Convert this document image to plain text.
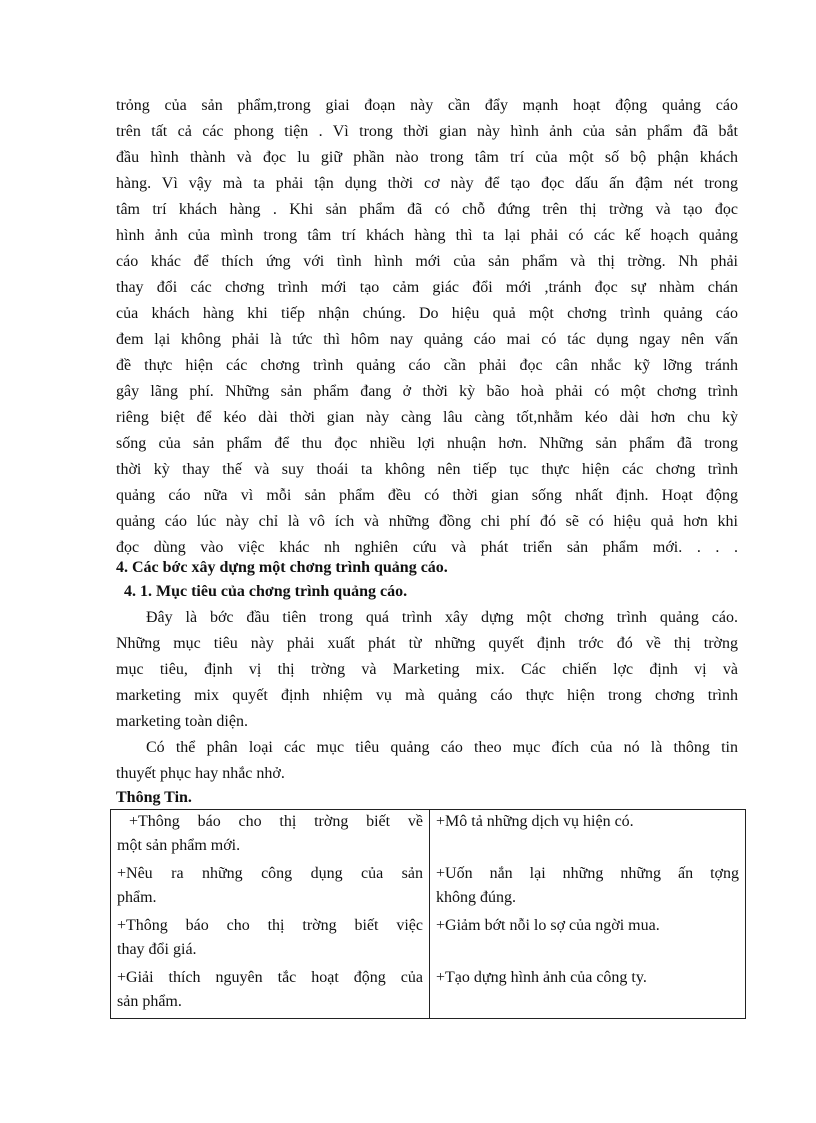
trỏng của sản phẩm,trong giai đoạn này cần đẩy mạnh hoạt động quảng cáo
trên tất cả các phong tiện . Vì trong thời gian này hình ảnh của sản phẩm đã bắt
đầu hình thành và đọc lu giữ phần nào trong tâm trí của một số bộ phận khách
hàng. Vì vậy mà ta phải tận dụng thời cơ này để tạo đọc dấu ấn đậm nét trong
tâm trí khách hàng . Khi sản phẩm đã có chỗ đứng trên thị trờng và tạo đọc
hình ảnh của mình trong tâm trí khách hàng thì ta lại phải có các kế hoạch quảng
cáo khác để thích ứng với tình hình mới của sản phẩm và thị trờng. Nh phải
thay đổi các chơng trình mới tạo cảm giác đổi mới ,tránh đọc sự nhàm chán
của khách hàng khi tiếp nhận chúng. Do hiệu quả một chơng trình quảng cáo
đem lại không phải là tức thì hôm nay quảng cáo mai có tác dụng ngay nên vấn
đề thực hiện các chơng trình quảng cáo cần phải đọc cân nhắc kỹ lỡng tránh
gây lãng phí. Những sản phẩm đang ở thời kỳ bão hoà phải có một chơng trình
riêng biệt để kéo dài thời gian này càng lâu càng tốt,nhằm kéo dài hơn chu kỳ
sống của sản phẩm để thu đọc nhiều lợi nhuận hơn. Những sản phẩm đã trong
thời kỳ thay thế và suy thoái ta không nên tiếp tục thực hiện các chơng trình
quảng cáo nữa vì mỗi sản phẩm đều có thời gian sống nhất định. Hoạt động
quảng cáo lúc này chỉ là vô ích và những đồng chi phí đó sẽ có hiệu quả hơn khi
đọc dùng vào việc khác nh nghiên cứu và phát triển sản phẩm mới. . . .
4. Các bớc xây dựng một chơng trình quảng cáo.
4. 1. Mục tiêu của chơng trình quảng cáo.
Đây là bớc đầu tiên trong quá trình xây dựng một chơng trình quảng cáo.
Những mục tiêu này phải xuất phát từ những quyết định trớc đó về thị trờng
mục tiêu, định vị thị trờng và Marketing mix. Các chiến lợc định vị và
marketing mix quyết định nhiệm vụ mà quảng cáo thực hiện trong chơng trình
marketing toàn diện.
Có thể phân loại các mục tiêu quảng cáo theo mục đích của nó là thông tin
thuyết phục hay nhắc nhở.
Thông Tin.
+Thông báo cho thị trờng biết về
một sản phẩm mới.	+Mô tả những dịch vụ hiện có.

+Nêu ra những công dụng của sản
phẩm.	+Uốn nắn lại những những ấn tợng
không đúng.

+Thông báo cho thị trờng biết việc
thay đổi giá.	+Giảm bớt nỗi lo sợ của ngời mua.

+Giải thích nguyên tắc hoạt động của
sản phẩm.	+Tạo dựng hình ảnh của công ty.
